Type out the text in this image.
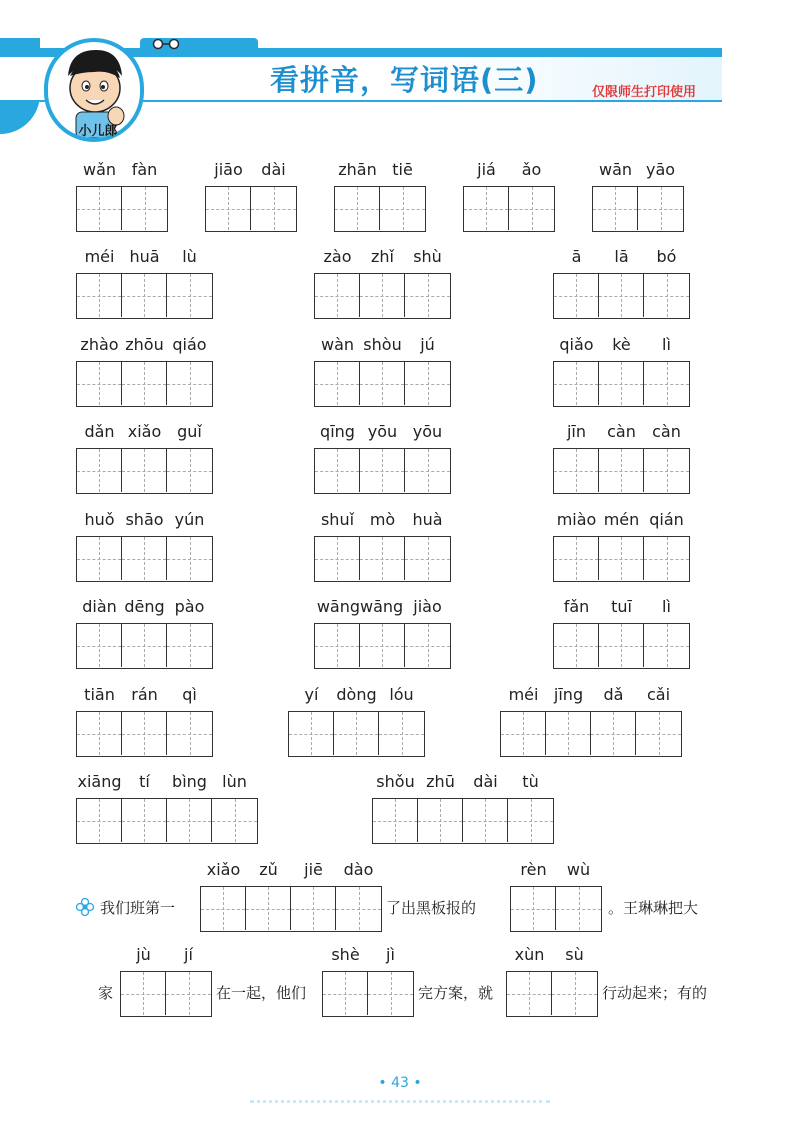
小儿郎
看拼音，写词语(三)	仅限师生打印使用
wǎn fàn	jiāo dài	zhān tiē	jiá ǎo	wān yāo
méi huā lù	zào zhǐ shù	ā lā bó
zhào zhōu qiáo	wàn shòu jú	qiǎo kè lì
dǎn xiǎo guǐ	qīng yōu yōu	jīn càn càn
huǒ shāo yún	shuǐ mò huà	miào mén qián
diàn dēng pào	wāngwāng jiào	fǎn tuī lì
tiān rán qì	yí dòng lóu	méi jīng dǎ cǎi
xiāng tí bìng lùn	shǒu zhū dài tù
xiǎo zǔ jiē dào	rèn wù
jù jí	shè jì	xùn sù
我们班第一	了出黑板报的	。王琳琳把大
家	在一起，他们	完方案，就	行动起来；有的
• 43 •
